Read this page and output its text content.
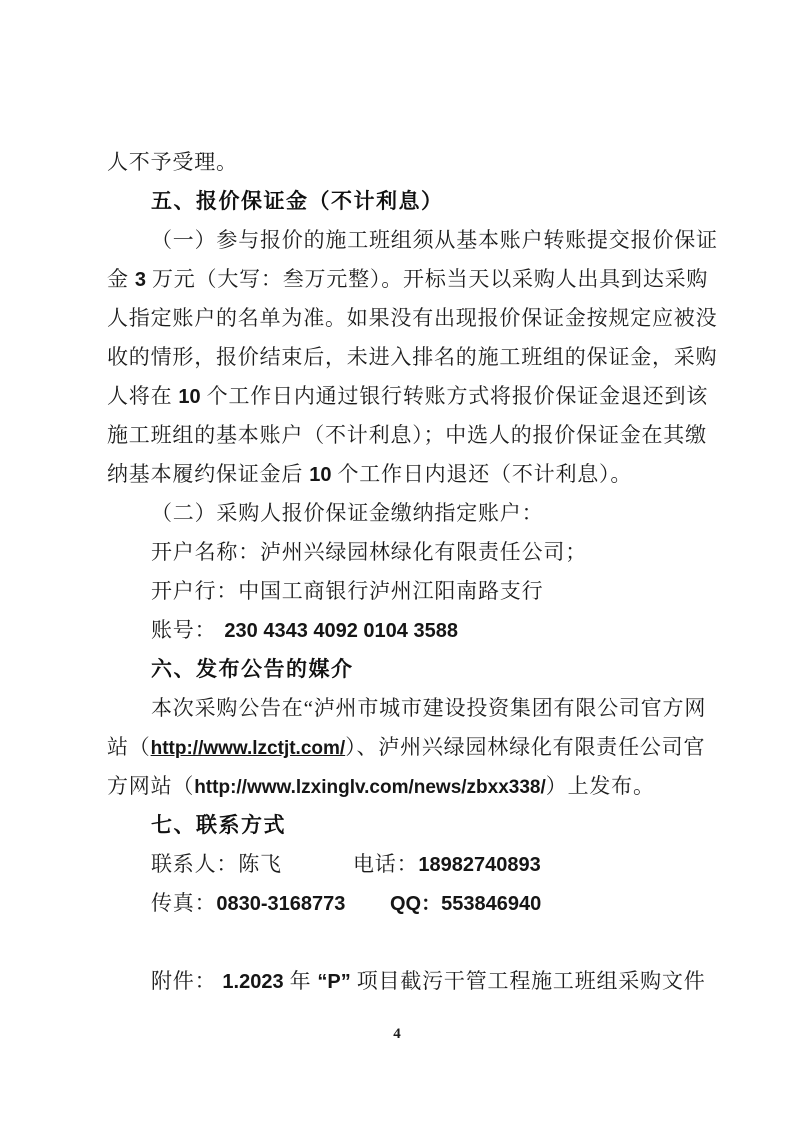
人不予受理。
五、报价保证金（不计利息）
（一）参与报价的施工班组须从基本账户转账提交报价保证
金 3 万元（大写：叁万元整）。开标当天以采购人出具到达采购
人指定账户的名单为准。如果没有出现报价保证金按规定应被没
收的情形，报价结束后，未进入排名的施工班组的保证金，采购
人将在 10 个工作日内通过银行转账方式将报价保证金退还到该
施工班组的基本账户（不计利息）；中选人的报价保证金在其缴
纳基本履约保证金后 10 个工作日内退还（不计利息）。
（二）采购人报价保证金缴纳指定账户：
开户名称：泸州兴绿园林绿化有限责任公司；
开户行：中国工商银行泸州江阳南路支行
账号： 230 4343 4092 0104 3588
六、发布公告的媒介
本次采购公告在“泸州市城市建设投资集团有限公司官方网
站（http://www.lzctjt.com/）、泸州兴绿园林绿化有限责任公司官
方网站（http://www.lzxinglv.com/news/zbxx338/）上发布。
七、联系方式
联系人：陈飞	电话：18982740893
传真：0830-3168773 QQ：553846940
附件： 1.2023 年 “P” 项目截污干管工程施工班组采购文件
4
